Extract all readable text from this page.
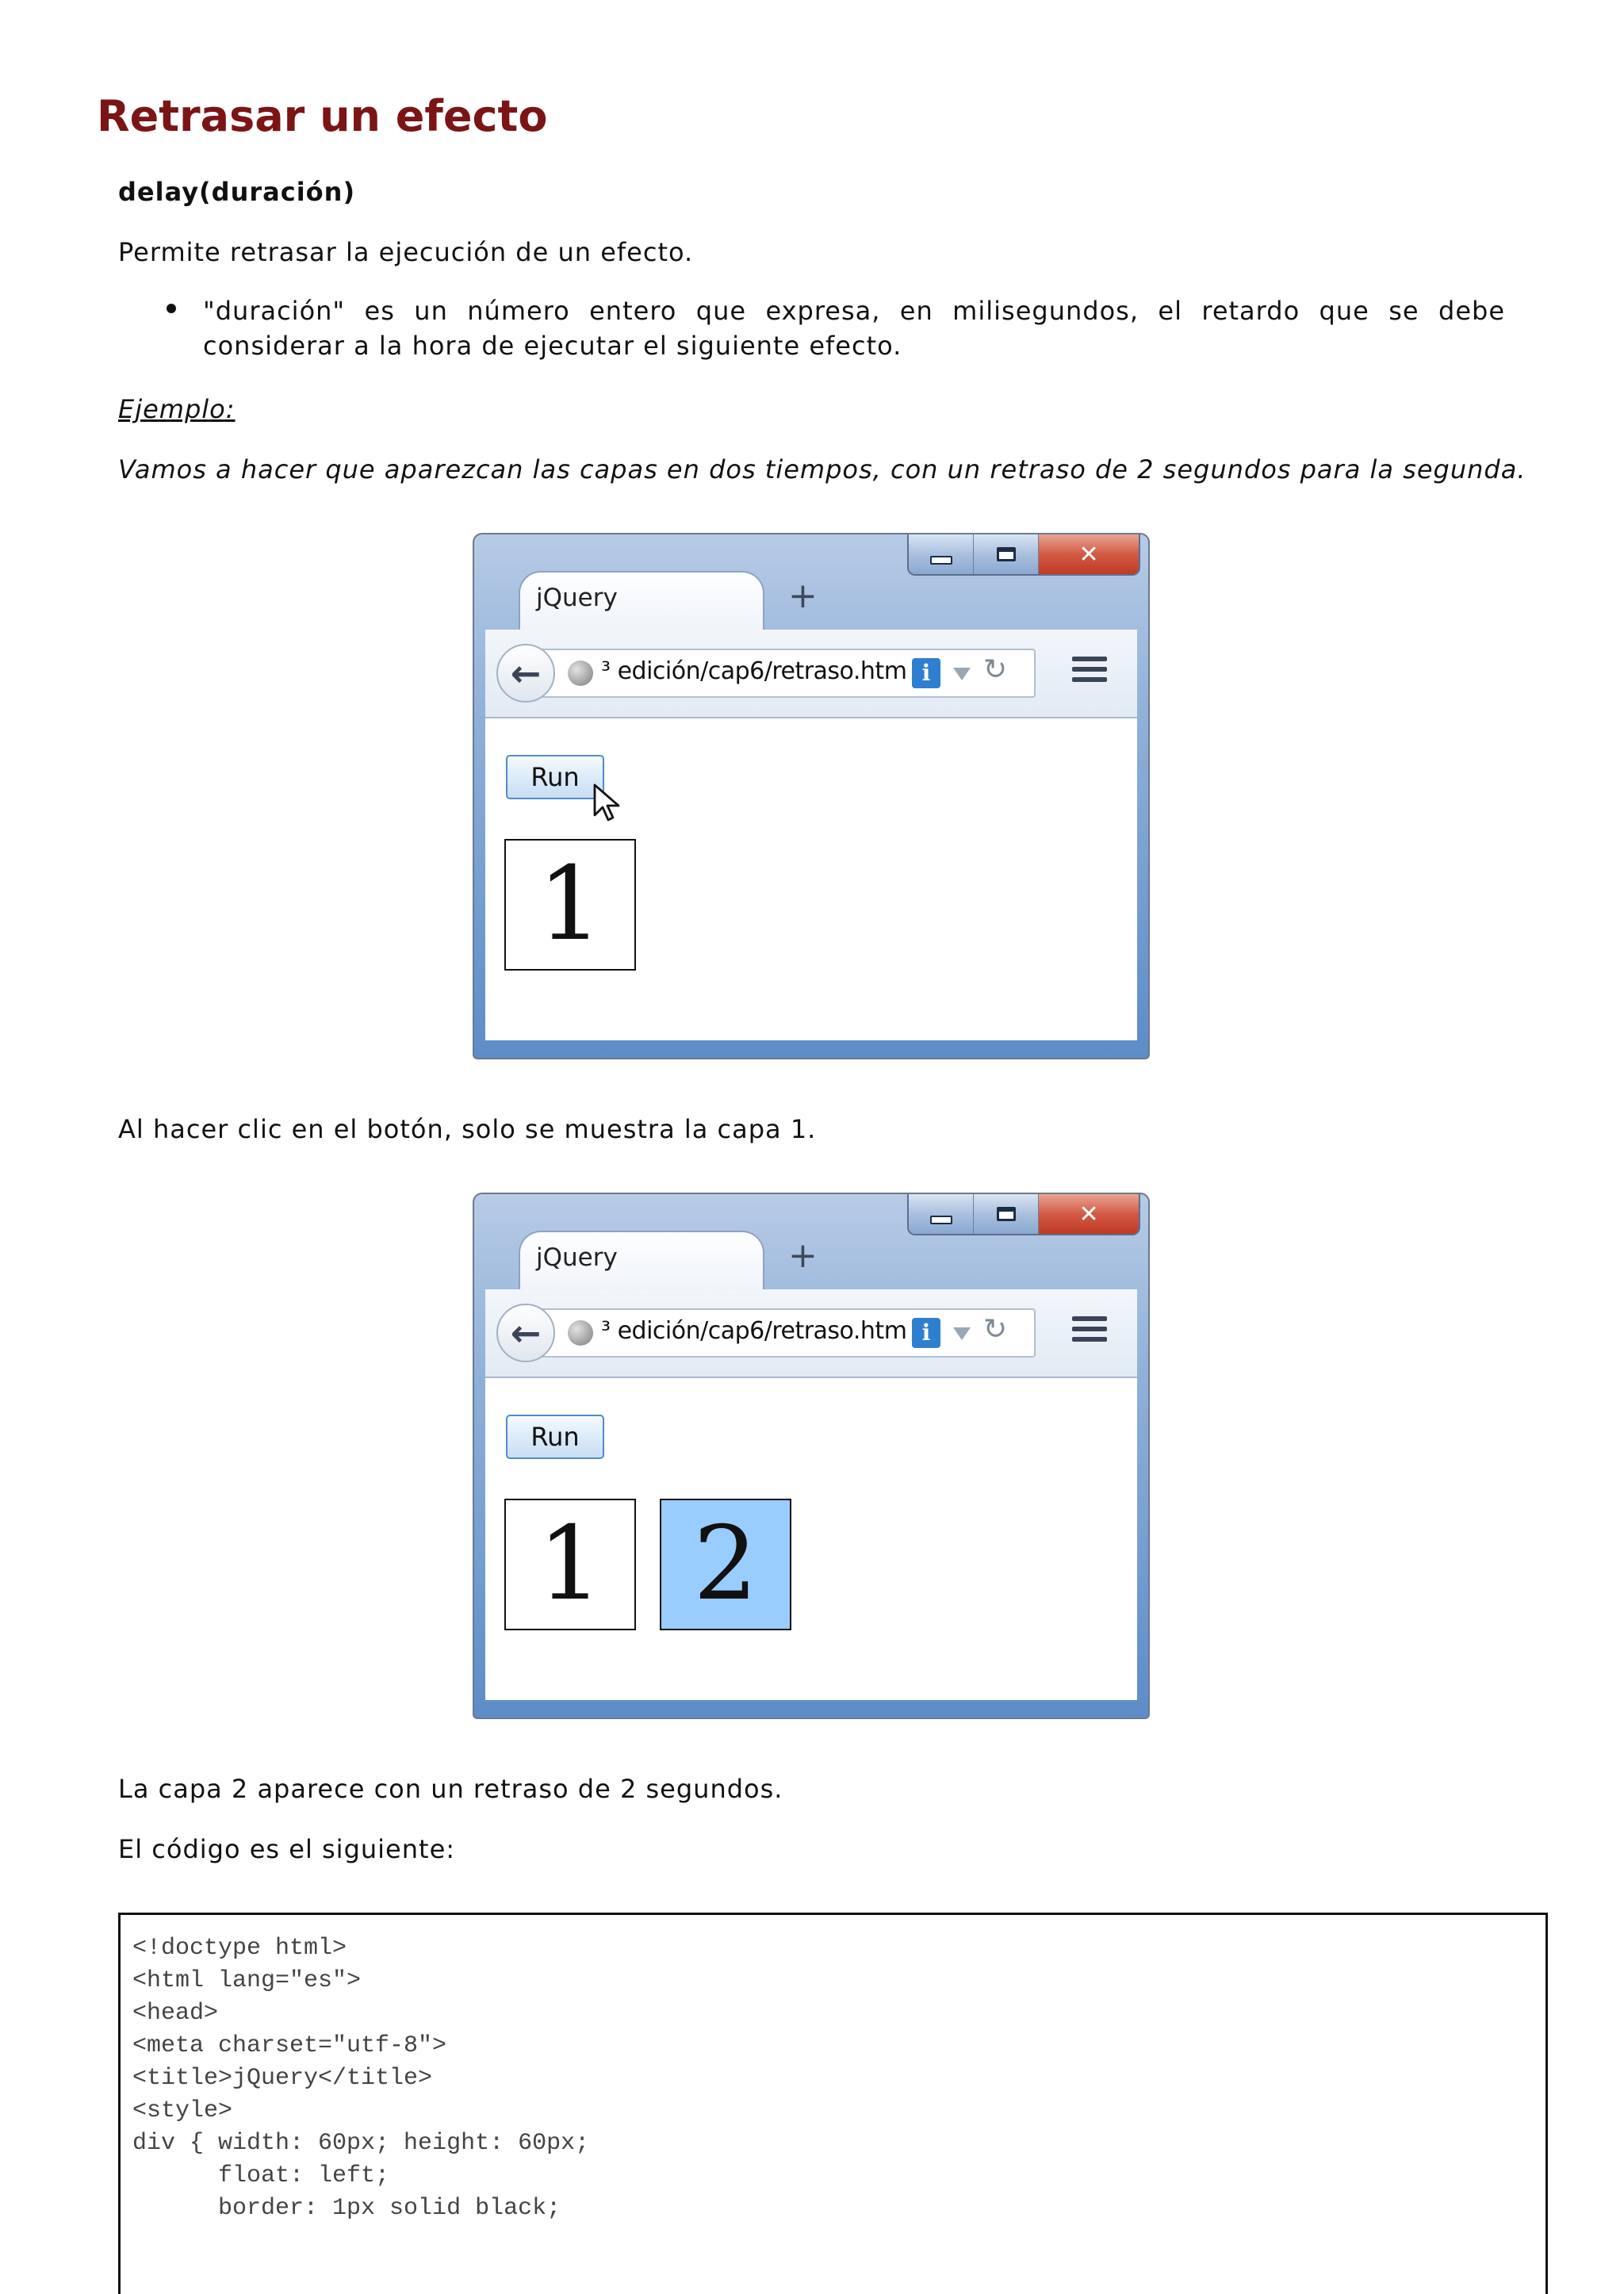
Retrasar un efecto
delay(duración)
Permite retrasar la ejecución de un efecto.
"duración" es un número entero que expresa, en milisegundos, el retardo que se debe considerar a la hora de ejecutar el siguiente efecto.
Ejemplo:
Vamos a hacer que aparezcan las capas en dos tiempos, con un retraso de 2 segundos para la segunda.
✕
jQuery	+
³ edición/cap6/retraso.htm i	↻
←
Run
1
Al hacer clic en el botón, solo se muestra la capa 1.
✕
jQuery	+
³ edición/cap6/retraso.htm i	↻
←
Run
1 2
La capa 2 aparece con un retraso de 2 segundos.
El código es el siguiente:
<!doctype html>
<html lang="es">
<head>
<meta charset="utf-8">
<title>jQuery</title>
<style>
div { width: 60px; height: 60px;
float: left;
border: 1px solid black;
